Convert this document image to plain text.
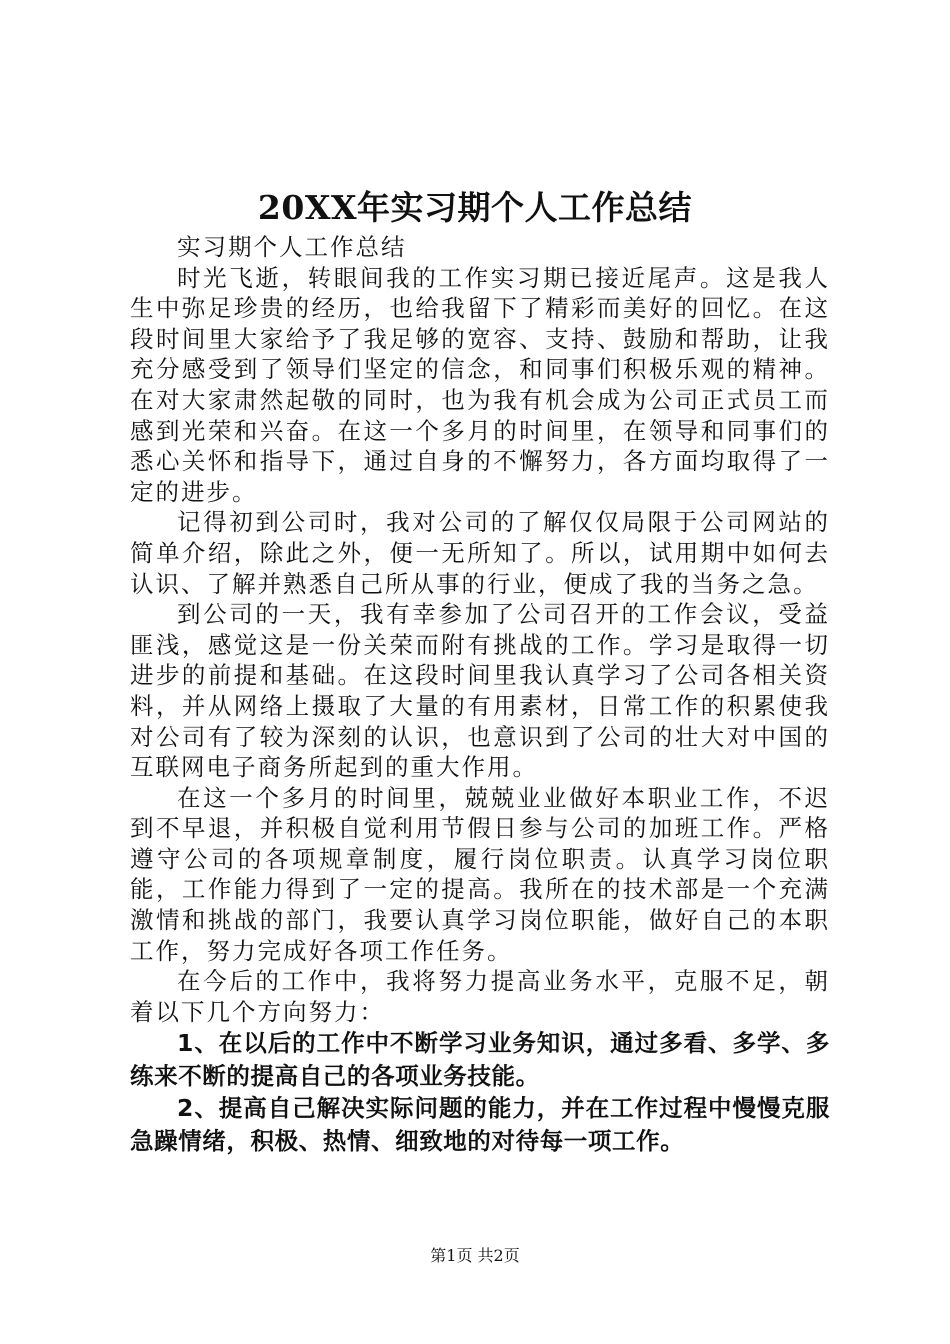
20XX年实习期个人工作总结

实习期个人工作总结

时光飞逝，转眼间我的工作实习期已接近尾声。这是我人生中弥足珍贵的经历，也给我留下了精彩而美好的回忆。在这段时间里大家给予了我足够的宽容、支持、鼓励和帮助，让我充分感受到了领导们坚定的信念，和同事们积极乐观的精神。在对大家肃然起敬的同时，也为我有机会成为公司正式员工而感到光荣和兴奋。在这一个多月的时间里，在领导和同事们的悉心关怀和指导下，通过自身的不懈努力，各方面均取得了一定的进步。

记得初到公司时，我对公司的了解仅仅局限于公司网站的简单介绍，除此之外，便一无所知了。所以，试用期中如何去认识、了解并熟悉自己所从事的行业，便成了我的当务之急。

到公司的一天，我有幸参加了公司召开的工作会议，受益匪浅，感觉这是一份关荣而附有挑战的工作。学习是取得一切进步的前提和基础。在这段时间里我认真学习了公司各相关资料，并从网络上摄取了大量的有用素材，日常工作的积累使我对公司有了较为深刻的认识，也意识到了公司的壮大对中国的互联网电子商务所起到的重大作用。

在这一个多月的时间里，兢兢业业做好本职业工作，不迟到不早退，并积极自觉利用节假日参与公司的加班工作。严格遵守公司的各项规章制度，履行岗位职责。认真学习岗位职能，工作能力得到了一定的提高。我所在的技术部是一个充满激情和挑战的部门，我要认真学习岗位职能，做好自己的本职工作，努力完成好各项工作任务。

在今后的工作中，我将努力提高业务水平，克服不足，朝着以下几个方向努力：

1、在以后的工作中不断学习业务知识，通过多看、多学、多练来不断的提高自己的各项业务技能。

2、提高自己解决实际问题的能力，并在工作过程中慢慢克服急躁情绪，积极、热情、细致地的对待每一项工作。

第1页 共2页
